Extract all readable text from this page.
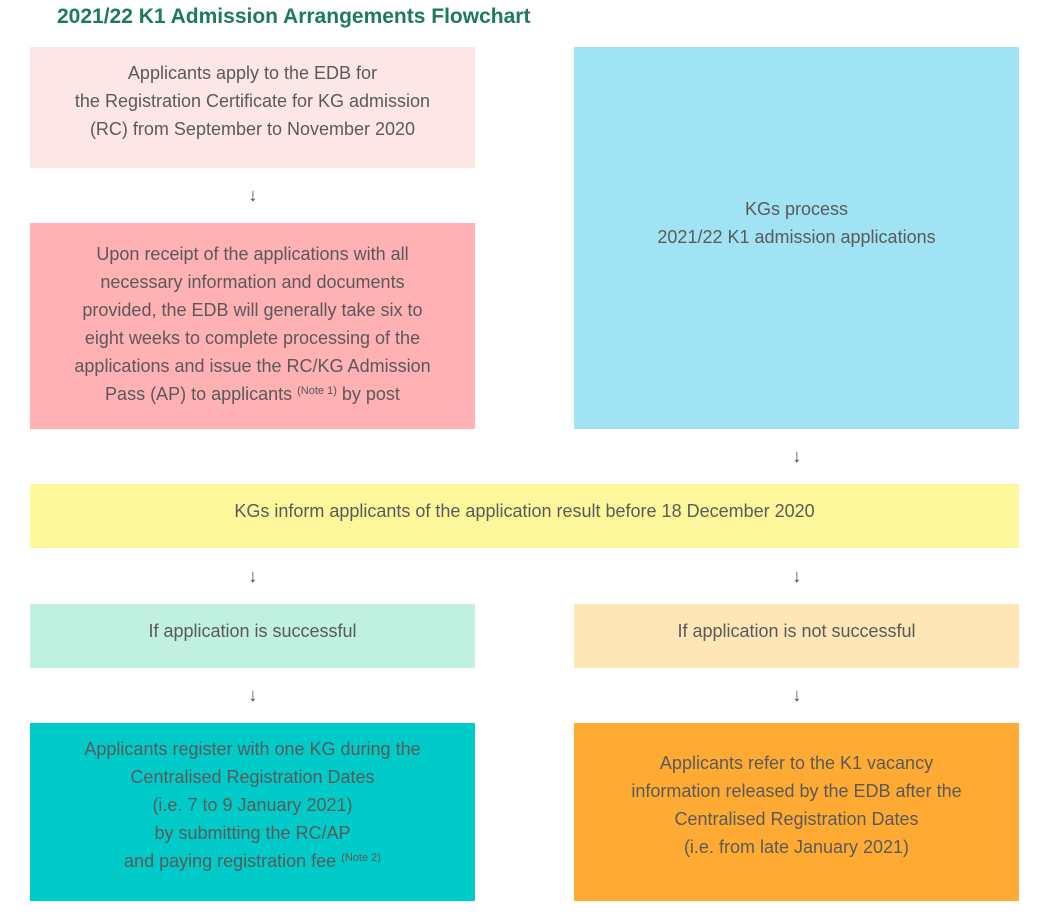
2021/22 K1 Admission Arrangements Flowchart
Applicants apply to the EDB for
the Registration Certificate for KG admission
(RC) from September to November 2020
↓
Upon receipt of the applications with all
necessary information and documents
provided, the EDB will generally take six to
eight weeks to complete processing of the
applications and issue the RC/KG Admission
Pass (AP) to applicants $^{(Note 1)}$ by post
KGs process
2021/22 K1 admission applications
↓
KGs inform applicants of the application result before 18 December 2020
↓	↓
If application is successful	If application is not successful
↓	↓
Applicants register with one KG during the
Centralised Registration Dates
(i.e. 7 to 9 January 2021)
by submitting the RC/AP
and paying registration fee $^{(Note 2)}$
Applicants refer to the K1 vacancy
information released by the EDB after the
Centralised Registration Dates
(i.e. from late January 2021)
